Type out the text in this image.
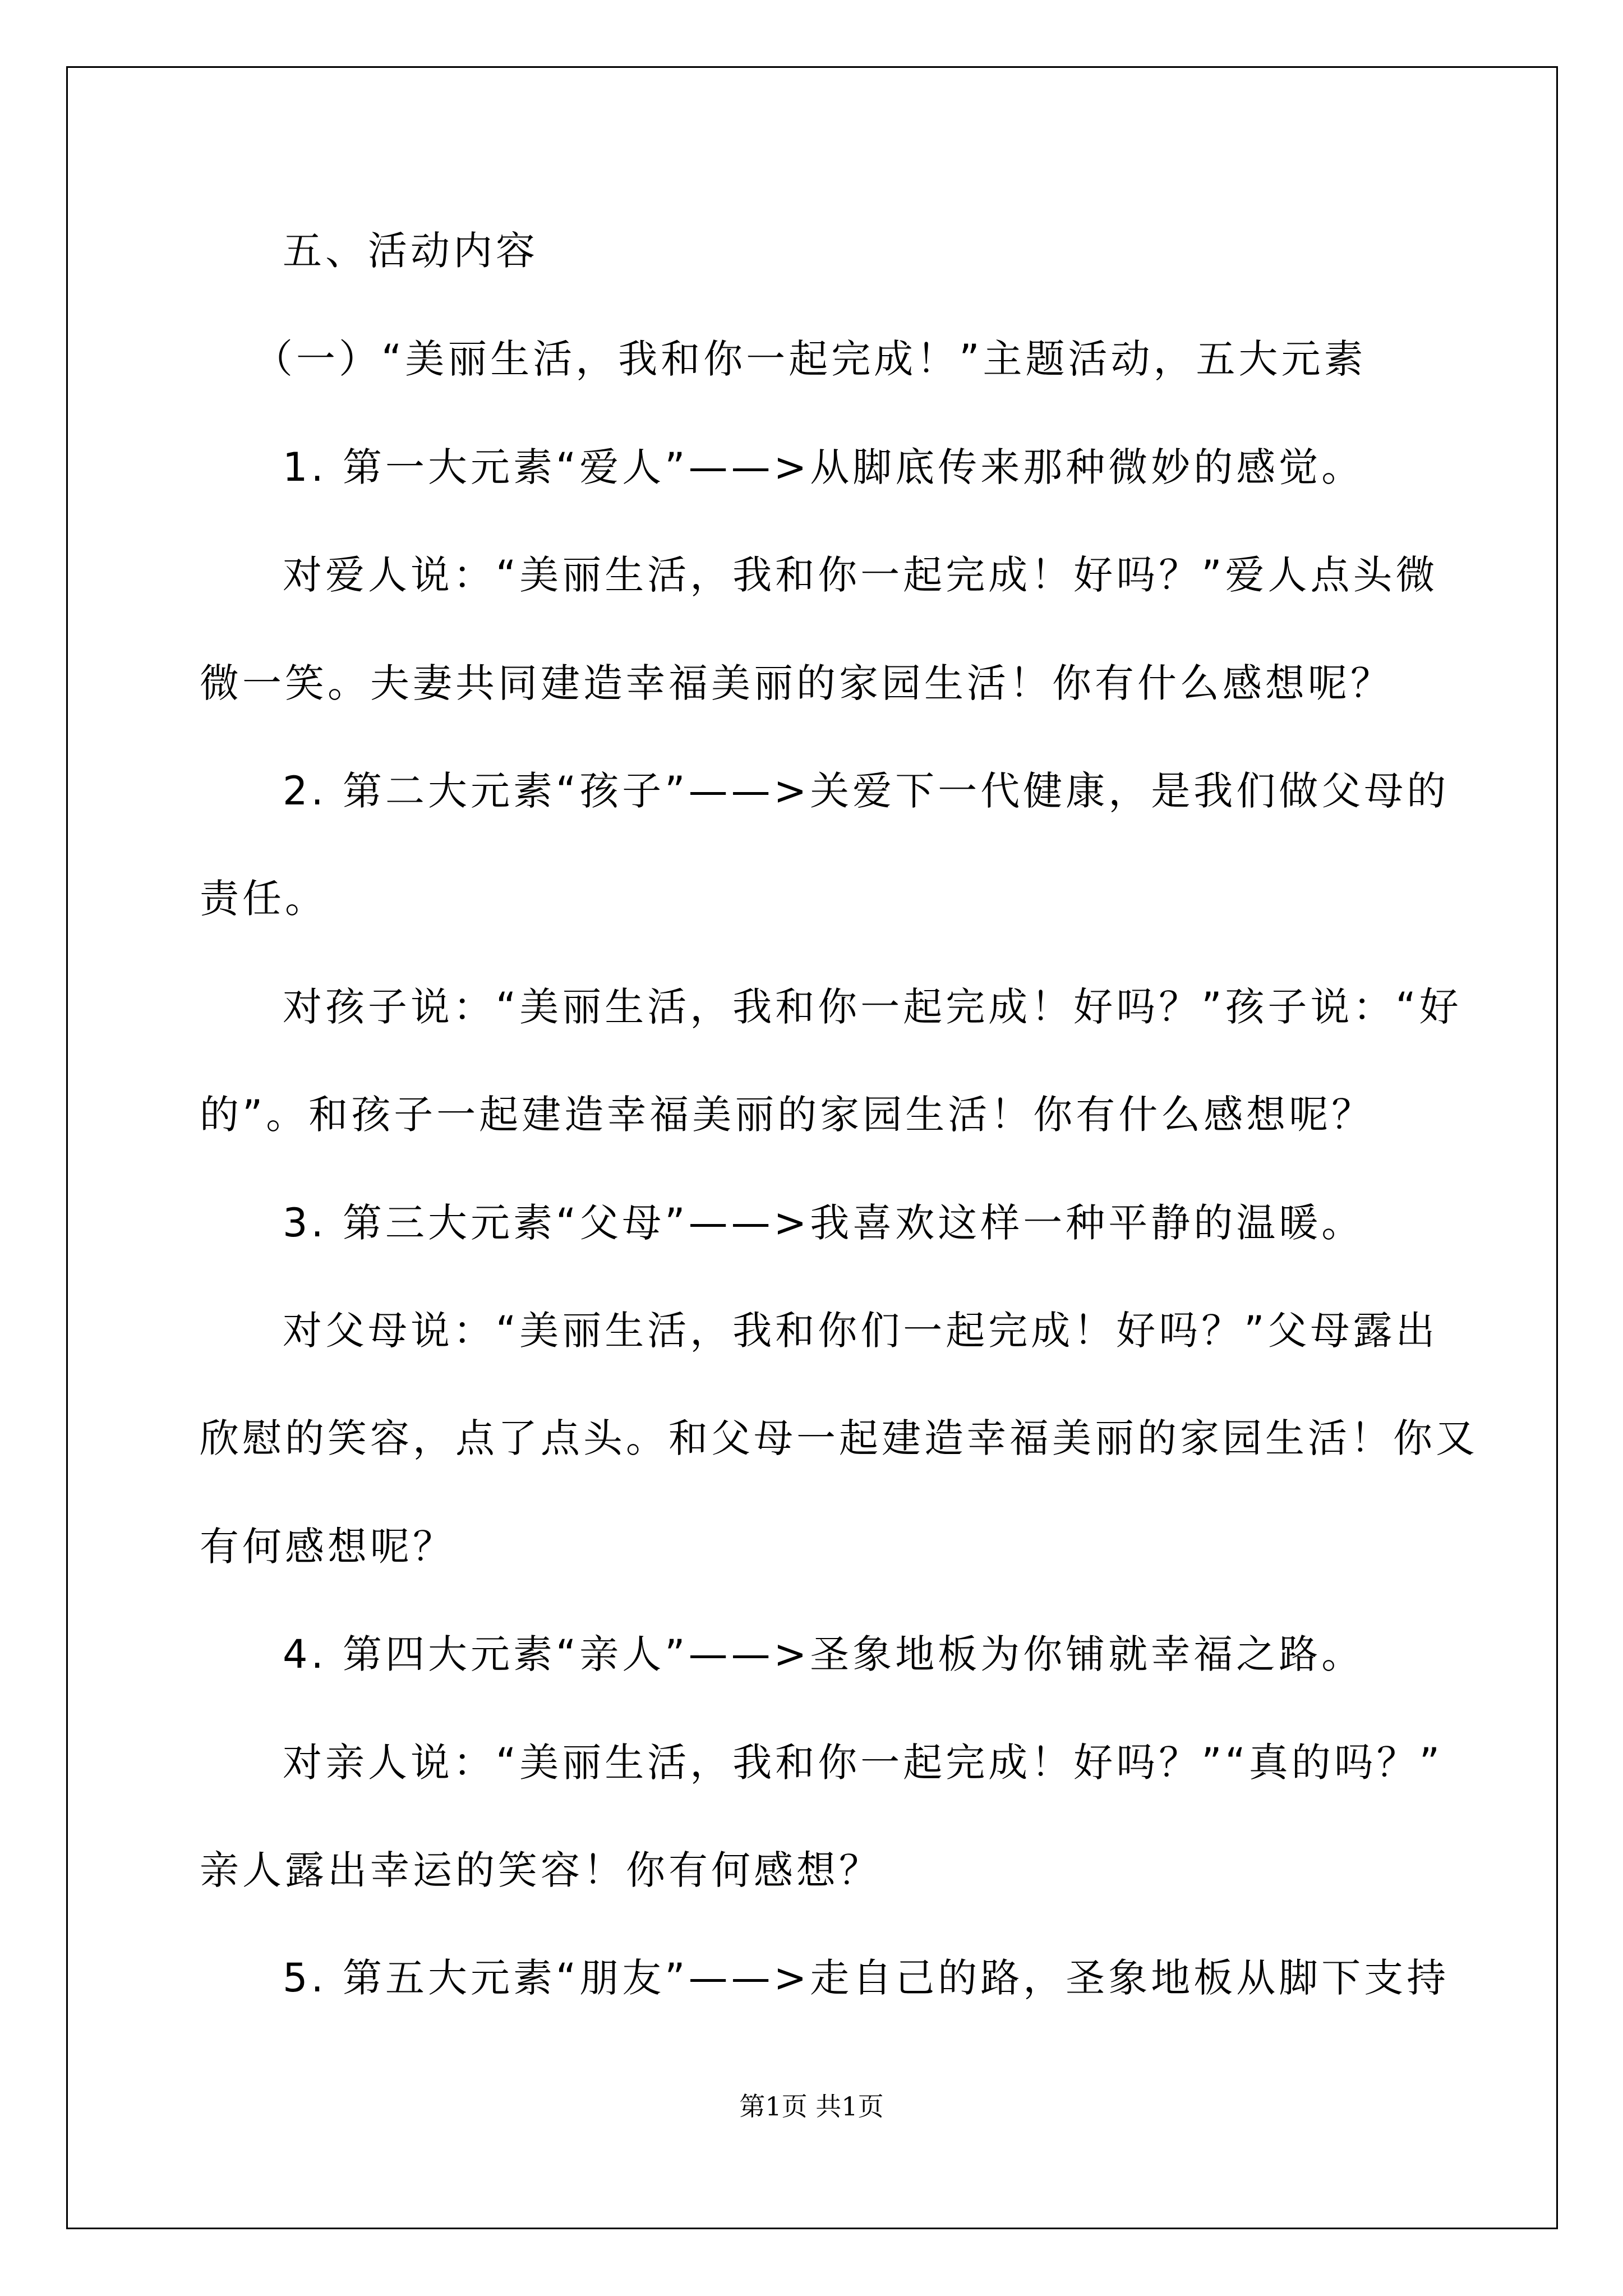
五、活动内容
（一）“美丽生活，我和你一起完成！”主题活动，五大元素
1. 第一大元素“爱人”——>从脚底传来那种微妙的感觉。
对爱人说：“美丽生活，我和你一起完成！好吗？”爱人点头微
微一笑。夫妻共同建造幸福美丽的家园生活！你有什么感想呢？
2. 第二大元素“孩子”——>关爱下一代健康，是我们做父母的
责任。
对孩子说：“美丽生活，我和你一起完成！好吗？”孩子说：“好
的”。和孩子一起建造幸福美丽的家园生活！你有什么感想呢？
3. 第三大元素“父母”——>我喜欢这样一种平静的温暖。
对父母说：“美丽生活，我和你们一起完成！好吗？”父母露出
欣慰的笑容，点了点头。和父母一起建造幸福美丽的家园生活！你又
有何感想呢？
4. 第四大元素“亲人”——>圣象地板为你铺就幸福之路。
对亲人说：“美丽生活，我和你一起完成！好吗？”“真的吗？”
亲人露出幸运的笑容！你有何感想？
5. 第五大元素“朋友”——>走自己的路，圣象地板从脚下支持
第1页 共1页
